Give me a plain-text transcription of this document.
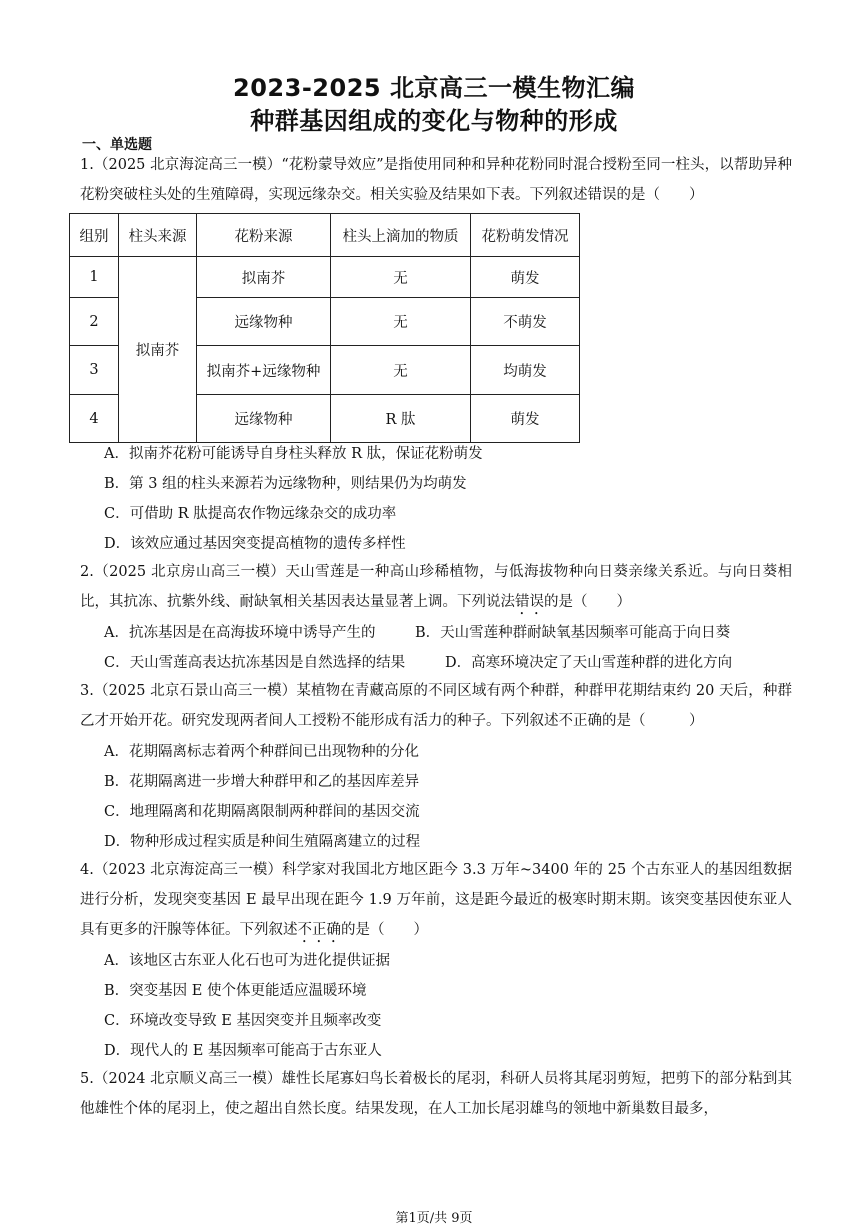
2023-2025 北京高三一模生物汇编
种群基因组成的变化与物种的形成
一、单选题
1.（2025 北京海淀高三一模）“花粉蒙导效应”是指使用同种和异种花粉同时混合授粉至同一柱头，以帮助异种花粉突破柱头处的生殖障碍，实现远缘杂交。相关实验及结果如下表。下列叙述错误的是（　　）
组别	柱头来源	花粉来源	柱头上滴加的物质	花粉萌发情况
1	拟南芥	拟南芥	无	萌发
2		远缘物种	无	不萌发
3		拟南芥+远缘物种	无	均萌发
4		远缘物种	R 肽	萌发
A．拟南芥花粉可能诱导自身柱头释放 R 肽，保证花粉萌发
B．第 3 组的柱头来源若为远缘物种，则结果仍为均萌发
C．可借助 R 肽提高农作物远缘杂交的成功率
D．该效应通过基因突变提高植物的遗传多样性
2.（2025 北京房山高三一模）天山雪莲是一种高山珍稀植物，与低海拔物种向日葵亲缘关系近。与向日葵相比，其抗冻、抗紫外线、耐缺氧相关基因表达量显著上调。下列说法错误的是（　　）
A．抗冻基因是在高海拔环境中诱导产生的	B．天山雪莲种群耐缺氧基因频率可能高于向日葵
C．天山雪莲高表达抗冻基因是自然选择的结果	D．高寒环境决定了天山雪莲种群的进化方向
3.（2025 北京石景山高三一模）某植物在青藏高原的不同区域有两个种群，种群甲花期结束约 20 天后，种群乙才开始开花。研究发现两者间人工授粉不能形成有活力的种子。下列叙述不正确的是（　　　）
A．花期隔离标志着两个种群间已出现物种的分化
B．花期隔离进一步增大种群甲和乙的基因库差异
C．地理隔离和花期隔离限制两种群间的基因交流
D．物种形成过程实质是种间生殖隔离建立的过程
4.（2023 北京海淀高三一模）科学家对我国北方地区距今 3.3 万年~3400 年的 25 个古东亚人的基因组数据进行分析，发现突变基因 E 最早出现在距今 1.9 万年前，这是距今最近的极寒时期末期。该突变基因使东亚人具有更多的汗腺等体征。下列叙述不正确的是（　　）
A．该地区古东亚人化石也可为进化提供证据
B．突变基因 E 使个体更能适应温暖环境
C．环境改变导致 E 基因突变并且频率改变
D．现代人的 E 基因频率可能高于古东亚人
5.（2024 北京顺义高三一模）雄性长尾寡妇鸟长着极长的尾羽，科研人员将其尾羽剪短，把剪下的部分粘到其他雄性个体的尾羽上，使之超出自然长度。结果发现，在人工加长尾羽雄鸟的领地中新巢数目最多，
第1页/共 9页
